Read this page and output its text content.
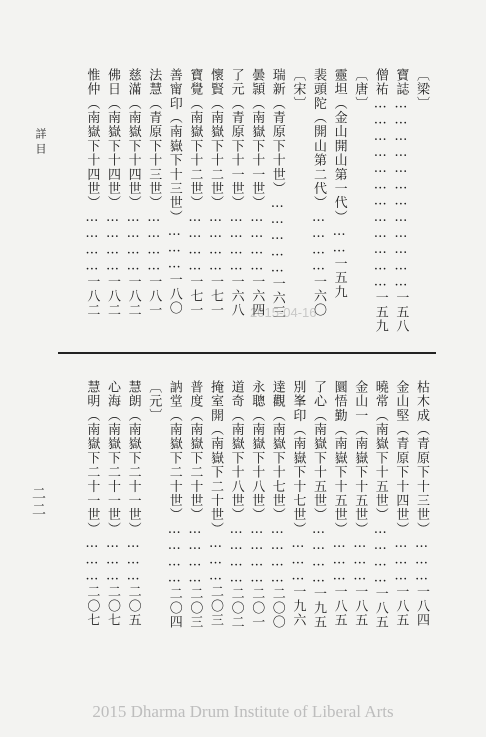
詳目
2015-04-16
〔梁〕
寶誌………………………………一五八
僧祐………………………………一五九
〔唐〕
靈坦（金山開山第一代）……一五九
裴頭陀（開山第二代）…………一六〇
〔宋〕
瑞新（青原下十世）……………一六三
曇頴（南嶽下十一世）…………一六四
了元（青原下十一世）…………一六八
懷賢（南嶽下十二世）…………一七一
寶覺（南嶽下十二世）…………一七一
善甯印（南嶽下十三世）………一八〇
法慧（青原下十三世）…………一八一
慈滿（南嶽下十四世）…………一八二
佛日（南嶽下十四世）…………一八二
惟仲（南嶽下十四世）…………一八二
枯木成（青原下十三世）………一八四
金山堅（青原下十四世）………一八五
曉常（南嶽下十五世）…………一八五
金山一（南嶽下十五世）………一八五
圜悟勤（南嶽下十五世）………一八五
了心（南嶽下十五世）…………一九五
別峯印（南嶽下十七世）………一九六
達觀（南嶽下十七世）…………二〇〇
永聰（南嶽下十八世）…………二〇一
道奇（南嶽下十八世）…………二〇二
掩室開（南嶽下二十世）………二〇三
普度（南嶽下二十世）…………二〇三
訥堂（南嶽下二十世）…………二〇四
〔元〕
慧朗（南嶽下二十一世）………二〇五
心海（南嶽下二十一世）………二〇七
慧明（南嶽下二十一世）………二〇七
二二
2015 Dharma Drum Institute of Liberal Arts
